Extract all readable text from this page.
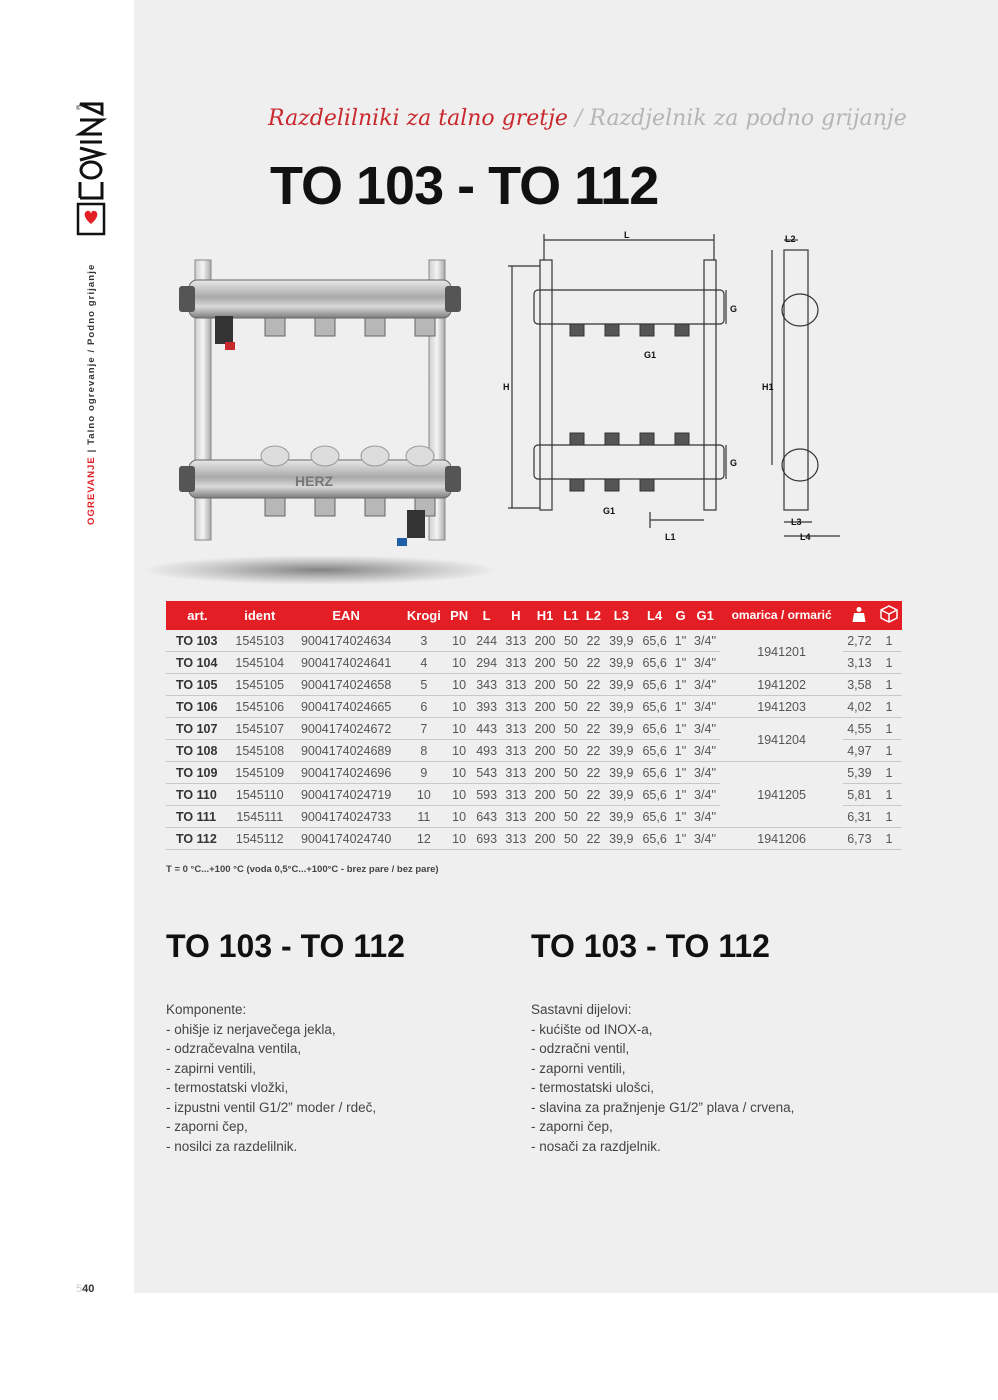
®
OGREVANJE | Talno ogrevanje / Podno grijanje
540
Razdelilniki za talno gretje / Razdjelnik za podno grijanje
TO 103 - TO 112
HERZ
L	L2
G
G1
H	H1
G
G1
L1
L3
L4
art.	ident	EAN	Krogi	PN	L	H	H1	L1	L2	L3	L4	G	G1	omarica / ormarić		
TO 103	1545103	9004174024634	3	10	244	313	200	50	22	39,9	65,6	1''	3/4''	1941201	2,72	1
TO 104	1545104	9004174024641	4	10	294	313	200	50	22	39,9	65,6	1''	3/4''		3,13	1
TO 105	1545105	9004174024658	5	10	343	313	200	50	22	39,9	65,6	1''	3/4''	1941202	3,58	1
TO 106	1545106	9004174024665	6	10	393	313	200	50	22	39,9	65,6	1''	3/4''	1941203	4,02	1
TO 107	1545107	9004174024672	7	10	443	313	200	50	22	39,9	65,6	1''	3/4''	1941204	4,55	1
TO 108	1545108	9004174024689	8	10	493	313	200	50	22	39,9	65,6	1''	3/4''		4,97	1
TO 109	1545109	9004174024696	9	10	543	313	200	50	22	39,9	65,6	1''	3/4''	1941205	5,39	1
TO 110	1545110	9004174024719	10	10	593	313	200	50	22	39,9	65,6	1''	3/4''		5,81	1
TO 111	1545111	9004174024733	11	10	643	313	200	50	22	39,9	65,6	1''	3/4''		6,31	1
TO 112	1545112	9004174024740	12	10	693	313	200	50	22	39,9	65,6	1''	3/4''	1941206	6,73	1
T = 0 °C...+100 °C (voda 0,5°C...+100°C - brez pare / bez pare)
TO 103 - TO 112	TO 103 - TO 112
Komponente:
- ohišje iz nerjavečega jekla,
- odzračevalna ventila,
- zapirni ventili,
- termostatski vložki,
- izpustni ventil G1/2” moder / rdeč,
- zaporni čep,
- nosilci za razdelilnik.
Sastavni dijelovi:
- kućište od INOX-a,
- odzračni ventil,
- zaporni ventili,
- termostatski ulošci,
- slavina za pražnjenje G1/2” plava / crvena,
- zaporni čep,
- nosači za razdjelnik.
